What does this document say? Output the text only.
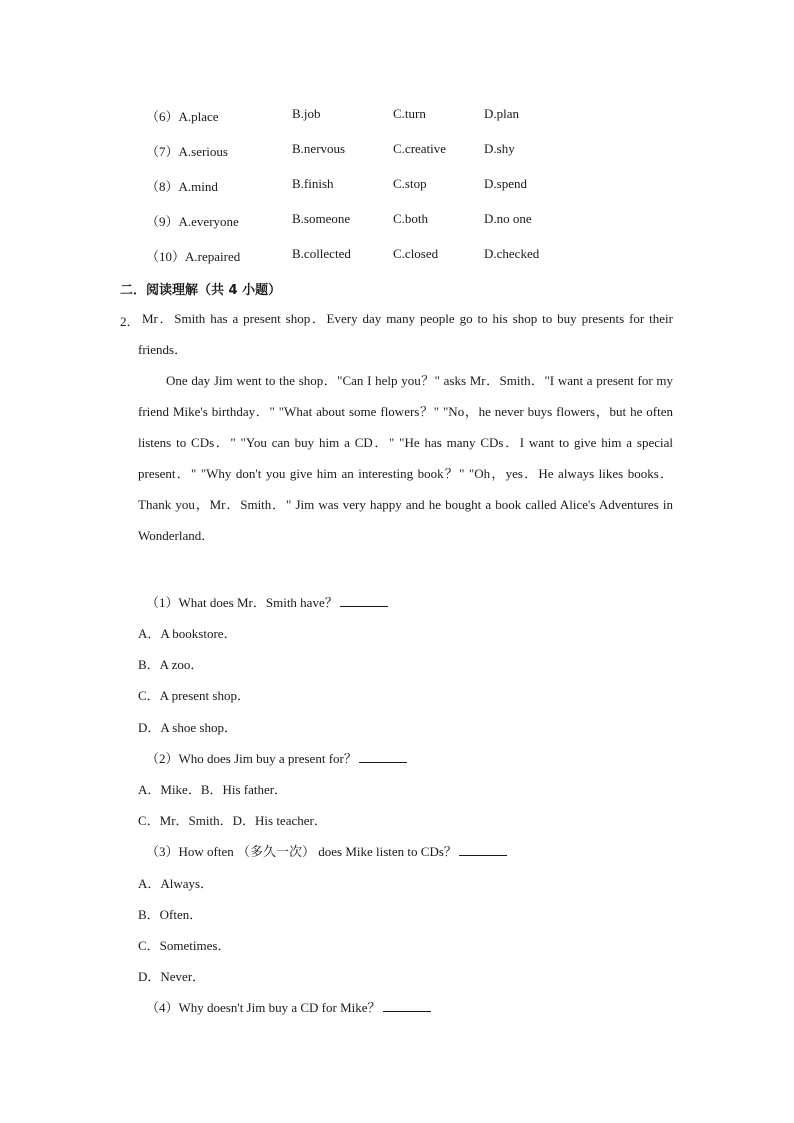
（6）A.place	B.job	C.turn	D.plan
（7）A.serious	B.nervous	C.creative	D.shy
（8）A.mind	B.finish	C.stop	D.spend
（9）A.everyone	B.someone	C.both	D.no one
（10）A.repaired	B.collected	C.closed	D.checked
二．阅读理解（共 4 小题）
2． Mr．Smith has a present shop．Every day many people go to his shop to buy presents for their friends．
One day Jim went to the shop．"Can I help you？" asks Mr．Smith．"I want a present for my friend Mike's birthday．" "What about some flowers？" "No，he never buys flowers，but he often listens to CDs．" "You can buy him a CD．" "He has many CDs．I want to give him a special present．" "Why don't you give him an interesting book？" "Oh，yes．He always likes books．Thank you，Mr．Smith．" Jim was very happy and he bought a book called Alice's Adventures in Wonderland．
（1）What does Mr．Smith have？
A．A bookstore．
B．A zoo．
C．A present shop．
D．A shoe shop．
（2）Who does Jim buy a present for？
A．Mike．B．His father．
C．Mr．Smith．D．His teacher．
（3）How often （多久一次） does Mike listen to CDs？
A．Always．
B．Often．
C．Sometimes．
D．Never．
（4）Why doesn't Jim buy a CD for Mike？
